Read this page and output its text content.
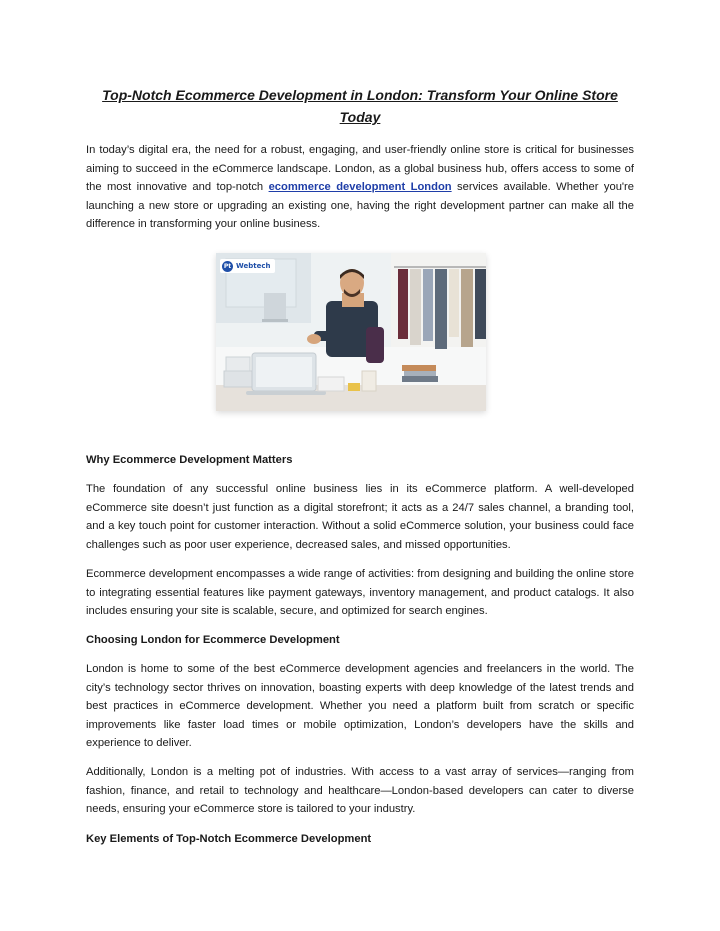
Top-Notch Ecommerce Development in London: Transform Your Online Store
Today

In today’s digital era, the need for a robust, engaging, and user-friendly online store is critical for businesses aiming to succeed in the eCommerce landscape. London, as a global business hub, offers access to some of the most innovative and top-notch ecommerce development London services available. Whether you're launching a new store or upgrading an existing one, having the right development partner can make all the difference in transforming your online business.

Pt Webtech
Why Ecommerce Development Matters

The foundation of any successful online business lies in its eCommerce platform. A well-developed eCommerce site doesn’t just function as a digital storefront; it acts as a 24/7 sales channel, a branding tool, and a key touch point for customer interaction. Without a solid eCommerce solution, your business could face challenges such as poor user experience, decreased sales, and missed opportunities.

Ecommerce development encompasses a wide range of activities: from designing and building the online store to integrating essential features like payment gateways, inventory management, and product catalogs. It also includes ensuring your site is scalable, secure, and optimized for search engines.

Choosing London for Ecommerce Development

London is home to some of the best eCommerce development agencies and freelancers in the world. The city’s technology sector thrives on innovation, boasting experts with deep knowledge of the latest trends and best practices in eCommerce development. Whether you need a platform built from scratch or specific improvements like faster load times or mobile optimization, London’s developers have the skills and experience to deliver.

Additionally, London is a melting pot of industries. With access to a vast array of services—ranging from fashion, finance, and retail to technology and healthcare—London-based developers can cater to diverse needs, ensuring your eCommerce store is tailored to your industry.

Key Elements of Top-Notch Ecommerce Development
